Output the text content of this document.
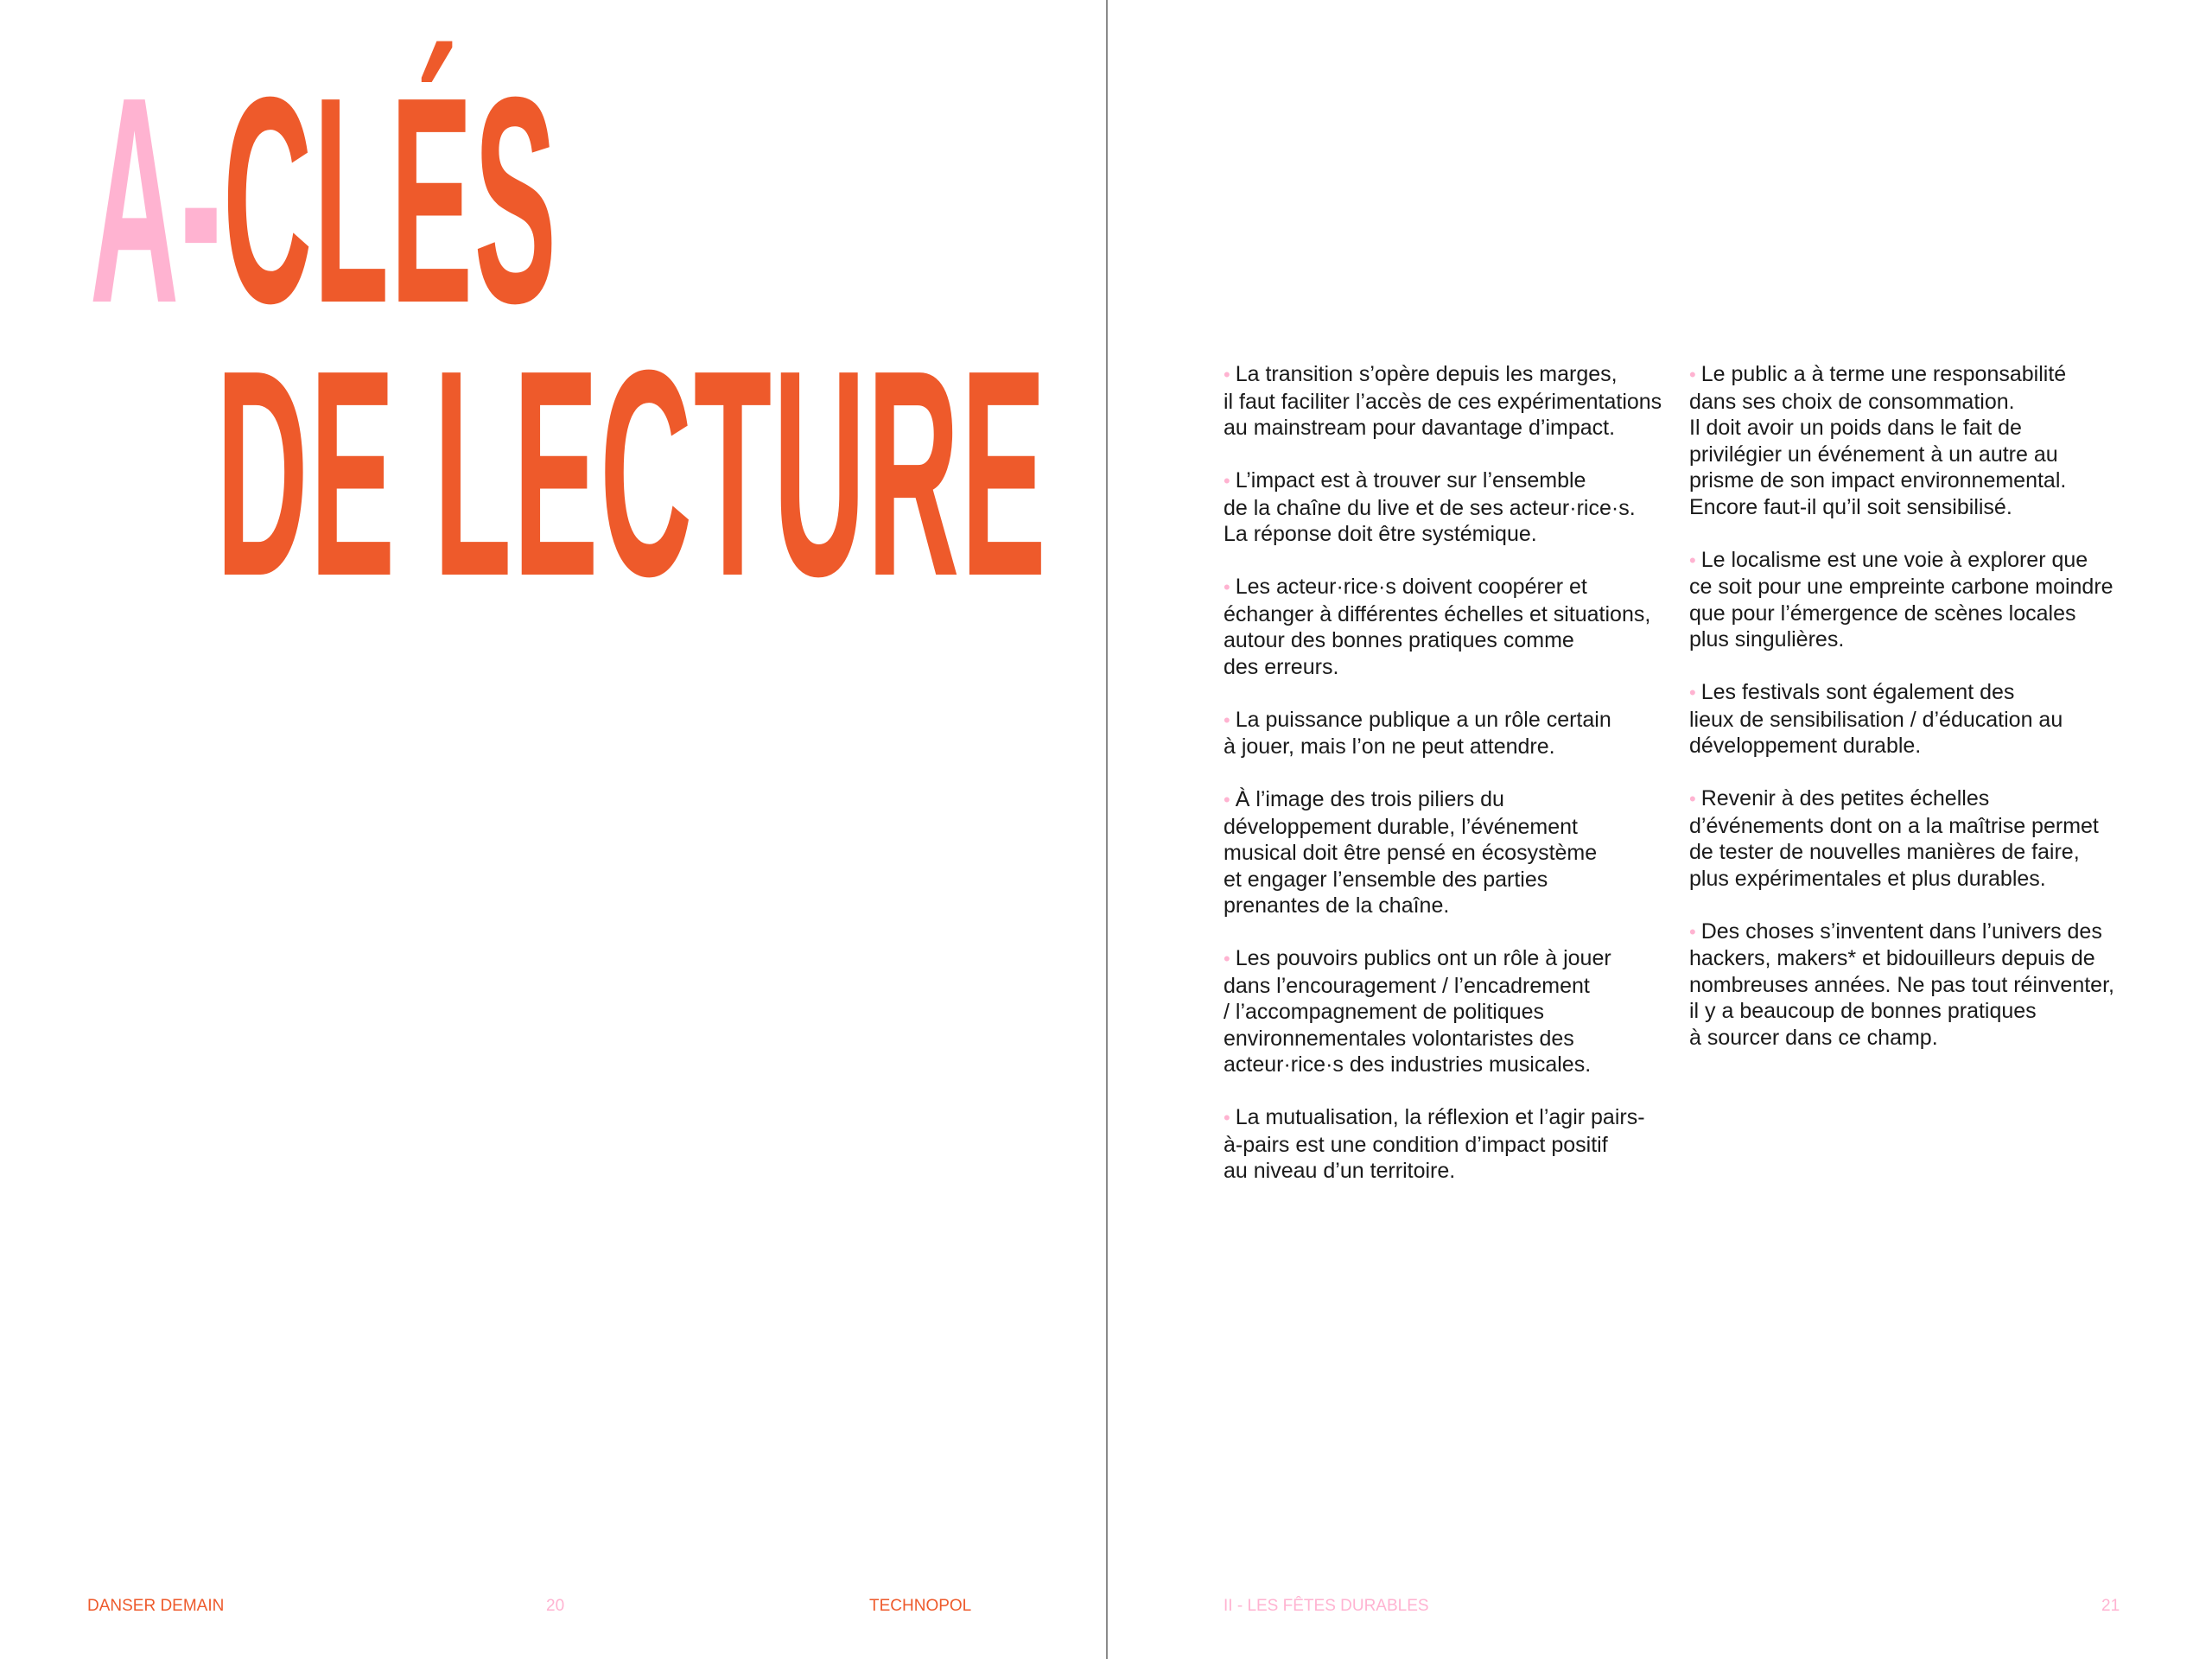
A-CLÉS
DE LECTURE
DANSER DEMAIN	20	TECHNOPOL
• La transition s’opère depuis les marges,
il faut faciliter l’accès de ces expérimentations
au mainstream pour davantage d’impact.
• L’impact est à trouver sur l’ensemble
de la chaîne du live et de ses acteur·rice·s.
La réponse doit être systémique.
• Les acteur·rice·s doivent coopérer et
échanger à différentes échelles et situations,
autour des bonnes pratiques comme
des erreurs.
• La puissance publique a un rôle certain
à jouer, mais l’on ne peut attendre.
• À l’image des trois piliers du
développement durable, l’événement
musical doit être pensé en écosystème
et engager l’ensemble des parties
prenantes de la chaîne.
• Les pouvoirs publics ont un rôle à jouer
dans l’encouragement / l’encadrement
/ l’accompagnement de politiques
environnementales volontaristes des
acteur·rice·s des industries musicales.
• La mutualisation, la réflexion et l’agir pairs-
à-pairs est une condition d’impact positif
au niveau d’un territoire.
• Le public a à terme une responsabilité
dans ses choix de consommation.
Il doit avoir un poids dans le fait de
privilégier un événement à un autre au
prisme de son impact environnemental.
Encore faut-il qu’il soit sensibilisé.
• Le localisme est une voie à explorer que
ce soit pour une empreinte carbone moindre
que pour l’émergence de scènes locales
plus singulières.
• Les festivals sont également des
lieux de sensibilisation / d’éducation au
développement durable.
• Revenir à des petites échelles
d’événements dont on a la maîtrise permet
de tester de nouvelles manières de faire,
plus expérimentales et plus durables.
• Des choses s’inventent dans l’univers des
hackers, makers* et bidouilleurs depuis de
nombreuses années. Ne pas tout réinventer,
il y a beaucoup de bonnes pratiques
à sourcer dans ce champ.
II - LES FÊTES DURABLES	21
